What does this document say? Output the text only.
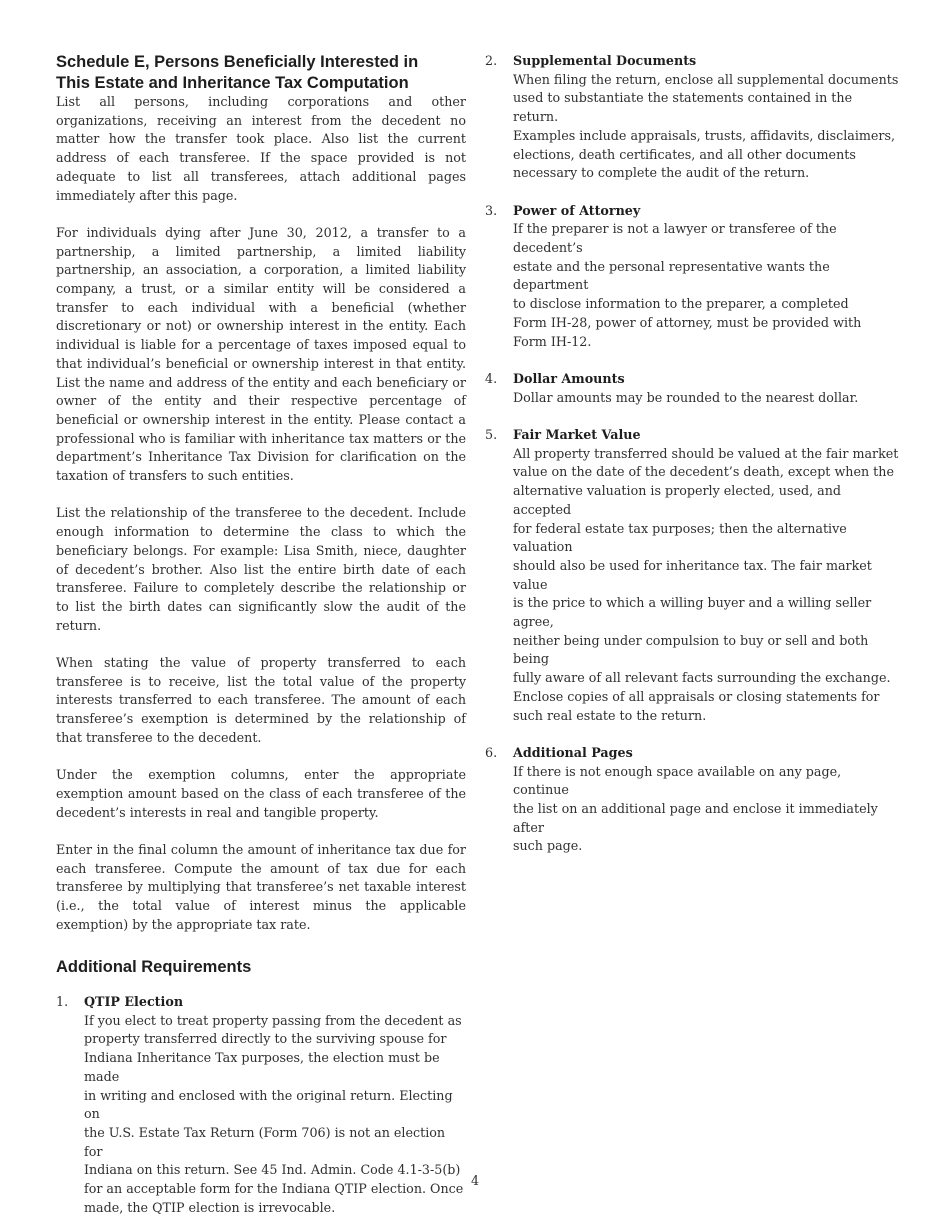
Schedule E, Persons Beneficially Interested in
This Estate and Inheritance Tax Computation

List all persons, including corporations and other organizations, receiving an interest from the decedent no matter how the transfer took place. Also list the current address of each transferee. If the space provided is not adequate to list all transferees, attach additional pages immediately after this page.

For individuals dying after June 30, 2012, a transfer to a partnership, a limited partnership, a limited liability partnership, an association, a corporation, a limited liability company, a trust, or a similar entity will be considered a transfer to each individual with a beneficial (whether discretionary or not) or ownership interest in the entity. Each individual is liable for a percentage of taxes imposed equal to that individual’s beneficial or ownership interest in that entity. List the name and address of the entity and each beneficiary or owner of the entity and their respective percentage of beneficial or ownership interest in the entity. Please contact a professional who is familiar with inheritance tax matters or the department’s Inheritance Tax Division for clarification on the taxation of transfers to such entities.

List the relationship of the transferee to the decedent. Include enough information to determine the class to which the beneficiary belongs. For example: Lisa Smith, niece, daughter of decedent’s brother. Also list the entire birth date of each transferee. Failure to completely describe the relationship or to list the birth dates can significantly slow the audit of the return.

When stating the value of property transferred to each transferee is to receive, list the total value of the property interests transferred to each transferee. The amount of each transferee’s exemption is determined by the relationship of that transferee to the decedent.

Under the exemption columns, enter the appropriate exemption amount based on the class of each transferee of the decedent’s interests in real and tangible property.

Enter in the final column the amount of inheritance tax due for each transferee. Compute the amount of tax due for each transferee by multiplying that transferee’s net taxable interest (i.e., the total value of interest minus the applicable exemption) by the appropriate tax rate.

Additional Requirements
1. QTIP Election
If you elect to treat property passing from the decedent as
property transferred directly to the surviving spouse for
Indiana Inheritance Tax purposes, the election must be made
in writing and enclosed with the original return. Electing on
the U.S. Estate Tax Return (Form 706) is not an election for
Indiana on this return. See 45 Ind. Admin. Code 4.1-3-5(b)
for an acceptable form for the Indiana QTIP election. Once
made, the QTIP election is irrevocable.
2. Supplemental Documents
When filing the return, enclose all supplemental documents
used to substantiate the statements contained in the return.
Examples include appraisals, trusts, affidavits, disclaimers,
elections, death certificates, and all other documents
necessary to complete the audit of the return.
3. Power of Attorney
If the preparer is not a lawyer or transferee of the decedent’s
estate and the personal representative wants the department
to disclose information to the preparer, a completed
Form IH-28, power of attorney, must be provided with
Form IH-12.
4. Dollar Amounts
Dollar amounts may be rounded to the nearest dollar.
5. Fair Market Value
All property transferred should be valued at the fair market
value on the date of the decedent’s death, except when the
alternative valuation is properly elected, used, and accepted
for federal estate tax purposes; then the alternative valuation
should also be used for inheritance tax. The fair market value
is the price to which a willing buyer and a willing seller agree,
neither being under compulsion to buy or sell and both being
fully aware of all relevant facts surrounding the exchange.
Enclose copies of all appraisals or closing statements for
such real estate to the return.
6. Additional Pages
If there is not enough space available on any page, continue
the list on an additional page and enclose it immediately after
such page.
4
